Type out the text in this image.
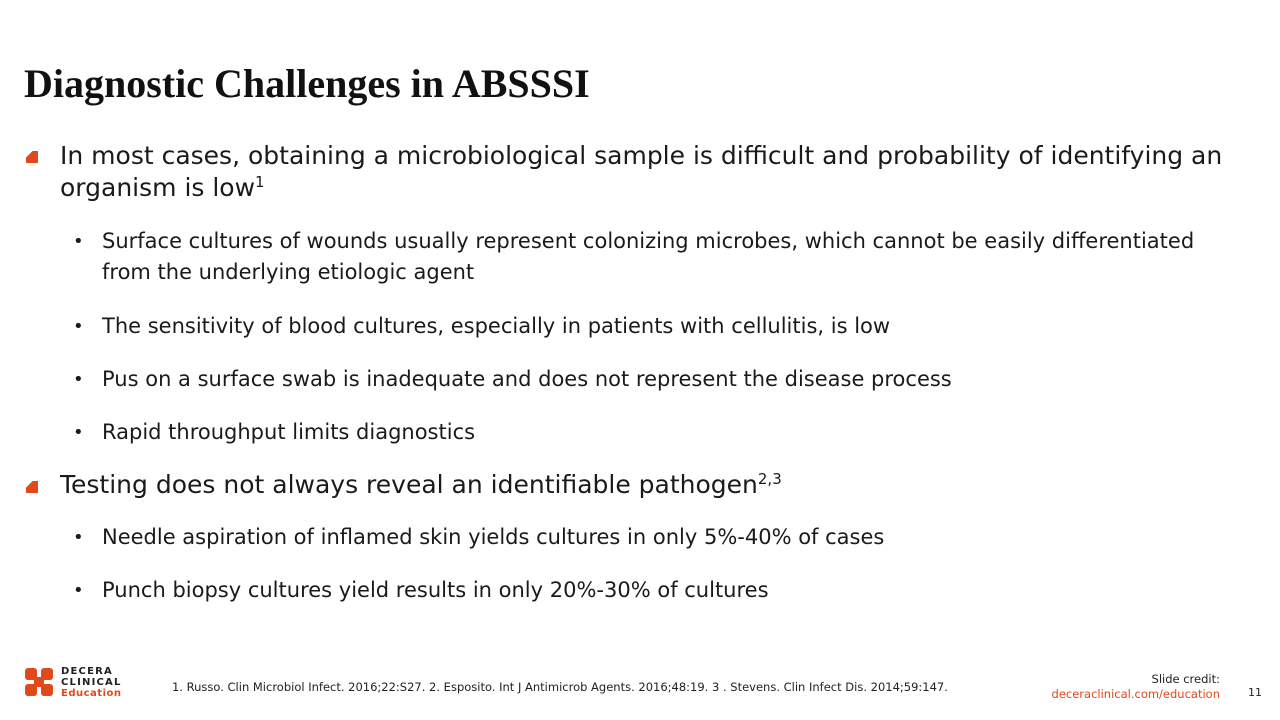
Diagnostic Challenges in ABSSSI
In most cases, obtaining a microbiological sample is difficult and probability of identifying an organism is low$^1$
• Surface cultures of wounds usually represent colonizing microbes, which cannot be easily differentiated from the underlying etiologic agent
• The sensitivity of blood cultures, especially in patients with cellulitis, is low
• Pus on a surface swab is inadequate and does not represent the disease process
• Rapid throughput limits diagnostics
Testing does not always reveal an identifiable pathogen$^{2,3}$
• Needle aspiration of inflamed skin yields cultures in only 5%-40% of cases
• Punch biopsy cultures yield results in only 20%-30% of cultures
DECERA
CLINICAL
Education	1. Russo. Clin Microbiol Infect. 2016;22:S27. 2. Esposito. Int J Antimicrob Agents. 2016;48:19. 3 . Stevens. Clin Infect Dis. 2014;59:147.
Slide credit:
deceraclinical.com/education	11
